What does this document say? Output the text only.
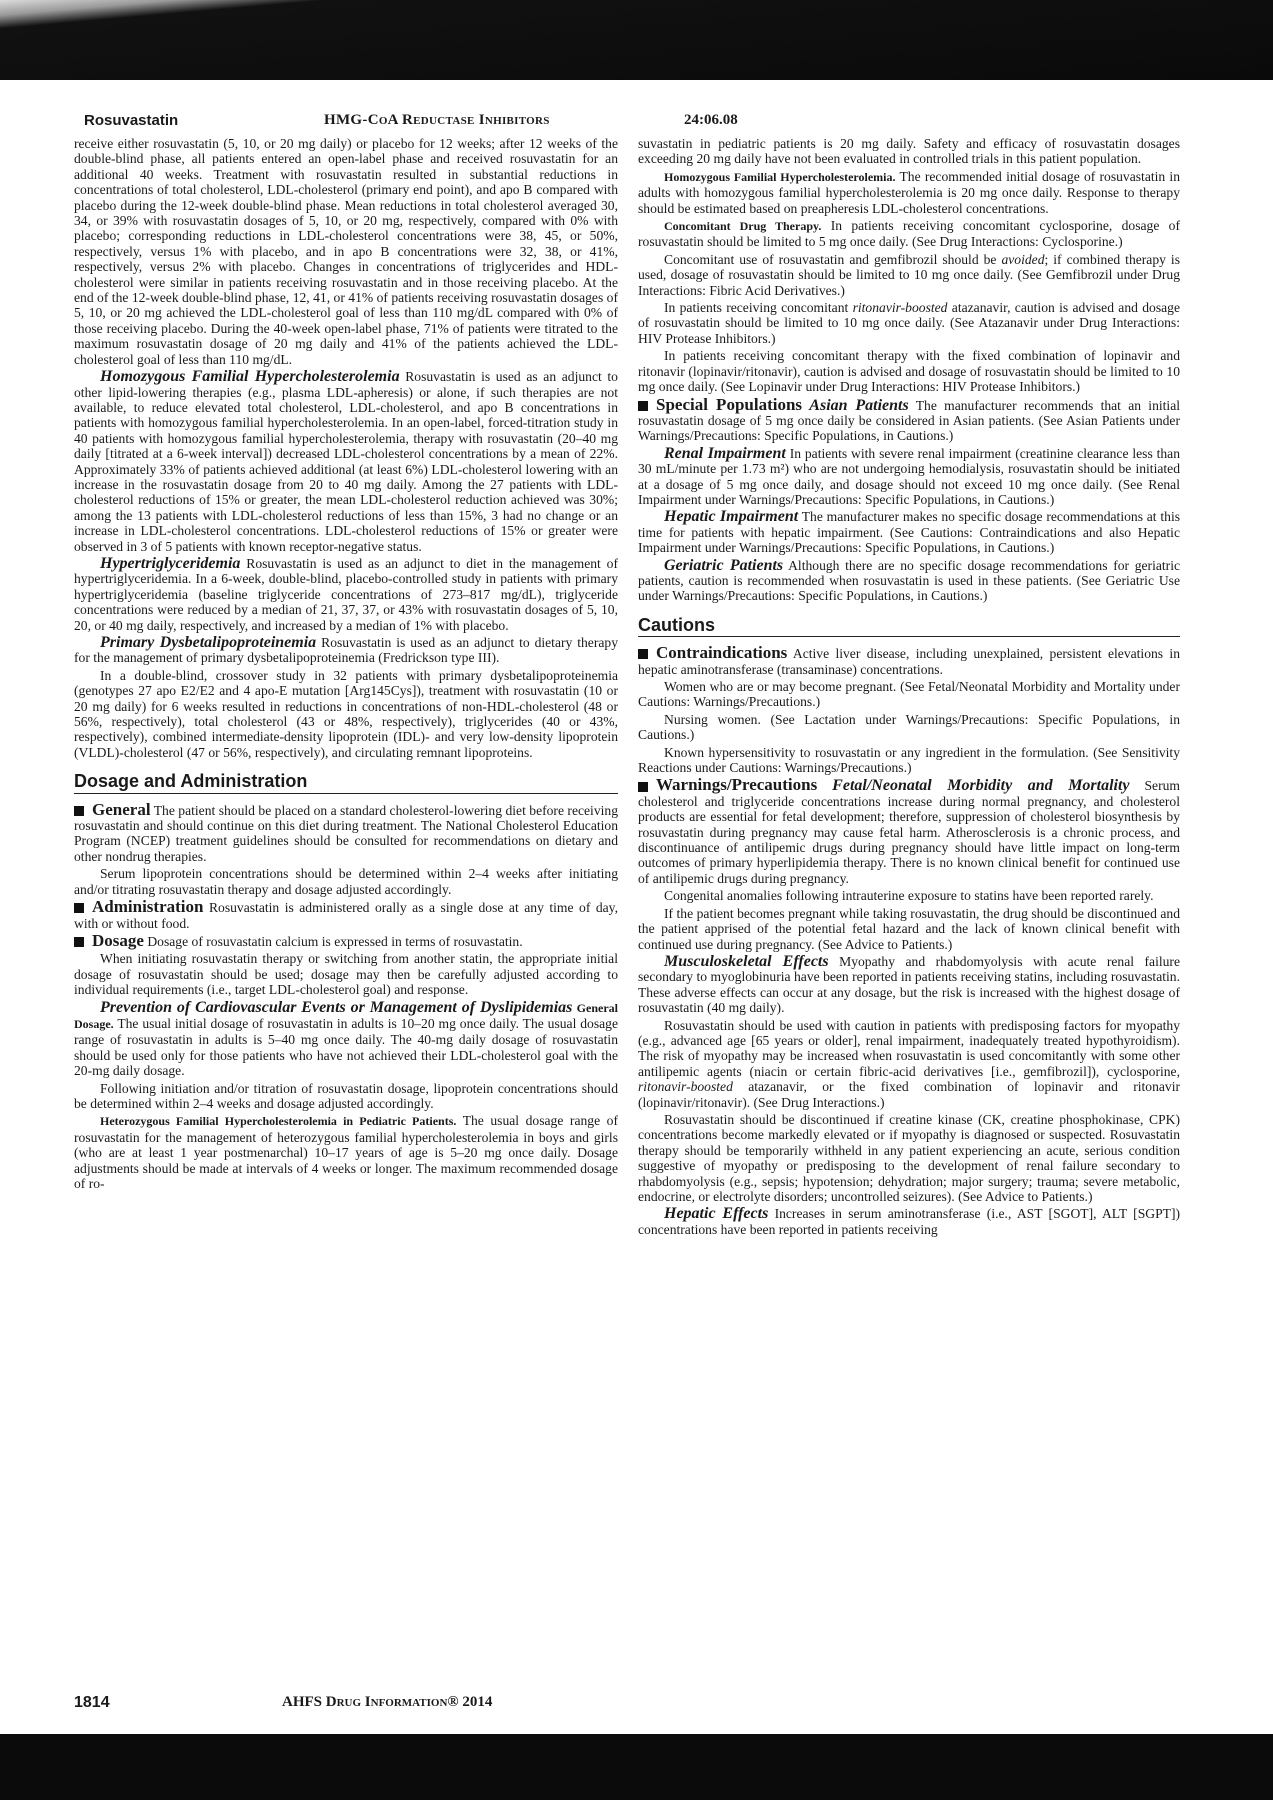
Rosuvastatin	HMG-CoA Reductase Inhibitors	24:06.08

receive either rosuvastatin (5, 10, or 20 mg daily) or placebo for 12 weeks; after 12 weeks of the double-blind phase, all patients entered an open-label phase and received rosuvastatin for an additional 40 weeks. Treatment with rosuvastatin resulted in substantial reductions in concentrations of total cholesterol, LDL-cholesterol (primary end point), and apo B compared with placebo during the 12-week double-blind phase. Mean reductions in total cholesterol averaged 30, 34, or 39% with rosuvastatin dosages of 5, 10, or 20 mg, respectively, compared with 0% with placebo; corresponding reductions in LDL-cholesterol concentrations were 38, 45, or 50%, respectively, versus 1% with placebo, and in apo B concentrations were 32, 38, or 41%, respectively, versus 2% with placebo. Changes in concentrations of triglycerides and HDL-cholesterol were similar in patients receiving rosuvastatin and in those receiving placebo. At the end of the 12-week double-blind phase, 12, 41, or 41% of patients receiving rosuvastatin dosages of 5, 10, or 20 mg achieved the LDL-cholesterol goal of less than 110 mg/dL compared with 0% of those receiving placebo. During the 40-week open-label phase, 71% of patients were titrated to the maximum rosuvastatin dosage of 20 mg daily and 41% of the patients achieved the LDL-cholesterol goal of less than 110 mg/dL.

Homozygous Familial Hypercholesterolemia Rosuvastatin is used as an adjunct to other lipid-lowering therapies (e.g., plasma LDL-apheresis) or alone, if such therapies are not available, to reduce elevated total cholesterol, LDL-cholesterol, and apo B concentrations in patients with homozygous familial hypercholesterolemia. In an open-label, forced-titration study in 40 patients with homozygous familial hypercholesterolemia, therapy with rosuvastatin (20–40 mg daily [titrated at a 6-week interval]) decreased LDL-cholesterol concentrations by a mean of 22%. Approximately 33% of patients achieved additional (at least 6%) LDL-cholesterol lowering with an increase in the rosuvastatin dosage from 20 to 40 mg daily. Among the 27 patients with LDL-cholesterol reductions of 15% or greater, the mean LDL-cholesterol reduction achieved was 30%; among the 13 patients with LDL-cholesterol reductions of less than 15%, 3 had no change or an increase in LDL-cholesterol concentrations. LDL-cholesterol reductions of 15% or greater were observed in 3 of 5 patients with known receptor-negative status.

Hypertriglyceridemia Rosuvastatin is used as an adjunct to diet in the management of hypertriglyceridemia. In a 6-week, double-blind, placebo-controlled study in patients with primary hypertriglyceridemia (baseline triglyceride concentrations of 273–817 mg/dL), triglyceride concentrations were reduced by a median of 21, 37, 37, or 43% with rosuvastatin dosages of 5, 10, 20, or 40 mg daily, respectively, and increased by a median of 1% with placebo.

Primary Dysbetalipoproteinemia Rosuvastatin is used as an adjunct to dietary therapy for the management of primary dysbetalipoproteinemia (Fredrickson type III).

In a double-blind, crossover study in 32 patients with primary dysbetalipoproteinemia (genotypes 27 apo E2/E2 and 4 apo-E mutation [Arg145Cys]), treatment with rosuvastatin (10 or 20 mg daily) for 6 weeks resulted in reductions in concentrations of non-HDL-cholesterol (48 or 56%, respectively), total cholesterol (43 or 48%, respectively), triglycerides (40 or 43%, respectively), combined intermediate-density lipoprotein (IDL)- and very low-density lipoprotein (VLDL)-cholesterol (47 or 56%, respectively), and circulating remnant lipoproteins.

Dosage and Administration

General The patient should be placed on a standard cholesterol-lowering diet before receiving rosuvastatin and should continue on this diet during treatment. The National Cholesterol Education Program (NCEP) treatment guidelines should be consulted for recommendations on dietary and other nondrug therapies.

Serum lipoprotein concentrations should be determined within 2–4 weeks after initiating and/or titrating rosuvastatin therapy and dosage adjusted accordingly.

Administration Rosuvastatin is administered orally as a single dose at any time of day, with or without food.

Dosage Dosage of rosuvastatin calcium is expressed in terms of rosuvastatin.

When initiating rosuvastatin therapy or switching from another statin, the appropriate initial dosage of rosuvastatin should be used; dosage may then be carefully adjusted according to individual requirements (i.e., target LDL-cholesterol goal) and response.

Prevention of Cardiovascular Events or Management of Dyslipidemias General Dosage. The usual initial dosage of rosuvastatin in adults is 10–20 mg once daily. The usual dosage range of rosuvastatin in adults is 5–40 mg once daily. The 40-mg daily dosage of rosuvastatin should be used only for those patients who have not achieved their LDL-cholesterol goal with the 20-mg daily dosage.

Following initiation and/or titration of rosuvastatin dosage, lipoprotein concentrations should be determined within 2–4 weeks and dosage adjusted accordingly.

Heterozygous Familial Hypercholesterolemia in Pediatric Patients. The usual dosage range of rosuvastatin for the management of heterozygous familial hypercholesterolemia in boys and girls (who are at least 1 year postmenarchal) 10–17 years of age is 5–20 mg once daily. Dosage adjustments should be made at intervals of 4 weeks or longer. The maximum recommended dosage of ro-

suvastatin in pediatric patients is 20 mg daily. Safety and efficacy of rosuvastatin dosages exceeding 20 mg daily have not been evaluated in controlled trials in this patient population.

Homozygous Familial Hypercholesterolemia. The recommended initial dosage of rosuvastatin in adults with homozygous familial hypercholesterolemia is 20 mg once daily. Response to therapy should be estimated based on preapheresis LDL-cholesterol concentrations.

Concomitant Drug Therapy. In patients receiving concomitant cyclosporine, dosage of rosuvastatin should be limited to 5 mg once daily. (See Drug Interactions: Cyclosporine.)

Concomitant use of rosuvastatin and gemfibrozil should be avoided; if combined therapy is used, dosage of rosuvastatin should be limited to 10 mg once daily. (See Gemfibrozil under Drug Interactions: Fibric Acid Derivatives.)

In patients receiving concomitant ritonavir-boosted atazanavir, caution is advised and dosage of rosuvastatin should be limited to 10 mg once daily. (See Atazanavir under Drug Interactions: HIV Protease Inhibitors.)

In patients receiving concomitant therapy with the fixed combination of lopinavir and ritonavir (lopinavir/ritonavir), caution is advised and dosage of rosuvastatin should be limited to 10 mg once daily. (See Lopinavir under Drug Interactions: HIV Protease Inhibitors.)

Special Populations Asian Patients The manufacturer recommends that an initial rosuvastatin dosage of 5 mg once daily be considered in Asian patients. (See Asian Patients under Warnings/Precautions: Specific Populations, in Cautions.)

Renal Impairment In patients with severe renal impairment (creatinine clearance less than 30 mL/minute per 1.73 m²) who are not undergoing hemodialysis, rosuvastatin should be initiated at a dosage of 5 mg once daily, and dosage should not exceed 10 mg once daily. (See Renal Impairment under Warnings/Precautions: Specific Populations, in Cautions.)

Hepatic Impairment The manufacturer makes no specific dosage recommendations at this time for patients with hepatic impairment. (See Cautions: Contraindications and also Hepatic Impairment under Warnings/Precautions: Specific Populations, in Cautions.)

Geriatric Patients Although there are no specific dosage recommendations for geriatric patients, caution is recommended when rosuvastatin is used in these patients. (See Geriatric Use under Warnings/Precautions: Specific Populations, in Cautions.)

Cautions

Contraindications Active liver disease, including unexplained, persistent elevations in hepatic aminotransferase (transaminase) concentrations.

Women who are or may become pregnant. (See Fetal/Neonatal Morbidity and Mortality under Cautions: Warnings/Precautions.)

Nursing women. (See Lactation under Warnings/Precautions: Specific Populations, in Cautions.)

Known hypersensitivity to rosuvastatin or any ingredient in the formulation. (See Sensitivity Reactions under Cautions: Warnings/Precautions.)

Warnings/Precautions Fetal/Neonatal Morbidity and Mortality Serum cholesterol and triglyceride concentrations increase during normal pregnancy, and cholesterol products are essential for fetal development; therefore, suppression of cholesterol biosynthesis by rosuvastatin during pregnancy may cause fetal harm. Atherosclerosis is a chronic process, and discontinuance of antilipemic drugs during pregnancy should have little impact on long-term outcomes of primary hyperlipidemia therapy. There is no known clinical benefit for continued use of antilipemic drugs during pregnancy.

Congenital anomalies following intrauterine exposure to statins have been reported rarely.

If the patient becomes pregnant while taking rosuvastatin, the drug should be discontinued and the patient apprised of the potential fetal hazard and the lack of known clinical benefit with continued use during pregnancy. (See Advice to Patients.)

Musculoskeletal Effects Myopathy and rhabdomyolysis with acute renal failure secondary to myoglobinuria have been reported in patients receiving statins, including rosuvastatin. These adverse effects can occur at any dosage, but the risk is increased with the highest dosage of rosuvastatin (40 mg daily).

Rosuvastatin should be used with caution in patients with predisposing factors for myopathy (e.g., advanced age [65 years or older], renal impairment, inadequately treated hypothyroidism). The risk of myopathy may be increased when rosuvastatin is used concomitantly with some other antilipemic agents (niacin or certain fibric-acid derivatives [i.e., gemfibrozil]), cyclosporine, ritonavir-boosted atazanavir, or the fixed combination of lopinavir and ritonavir (lopinavir/ritonavir). (See Drug Interactions.)

Rosuvastatin should be discontinued if creatine kinase (CK, creatine phosphokinase, CPK) concentrations become markedly elevated or if myopathy is diagnosed or suspected. Rosuvastatin therapy should be temporarily withheld in any patient experiencing an acute, serious condition suggestive of myopathy or predisposing to the development of renal failure secondary to rhabdomyolysis (e.g., sepsis; hypotension; dehydration; major surgery; trauma; severe metabolic, endocrine, or electrolyte disorders; uncontrolled seizures). (See Advice to Patients.)

Hepatic Effects Increases in serum aminotransferase (i.e., AST [SGOT], ALT [SGPT]) concentrations have been reported in patients receiving

1814	AHFS Drug Information® 2014
